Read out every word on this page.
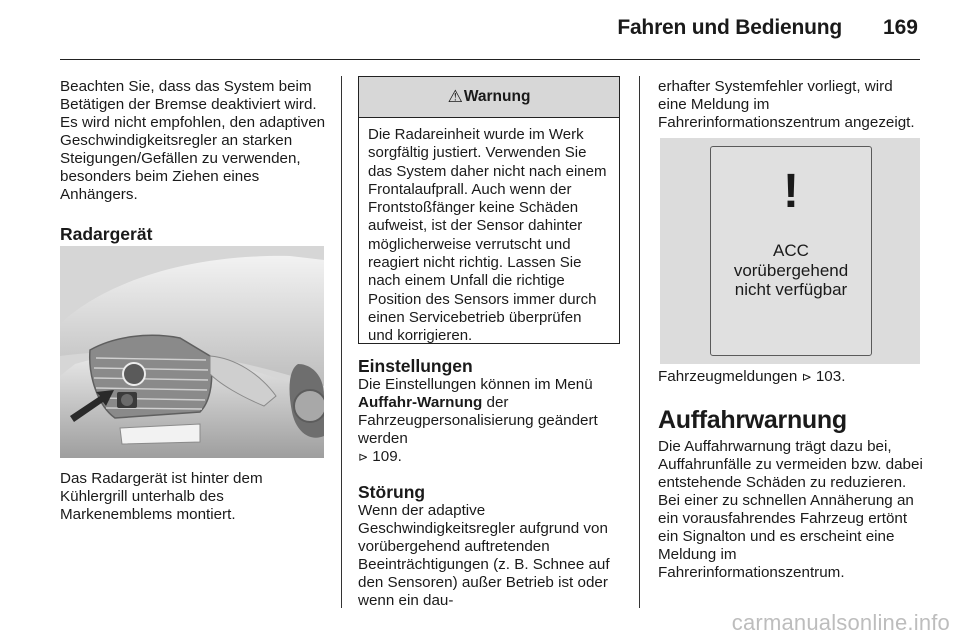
Fahren und Bedienung 169

Beachten Sie, dass das System beim Betätigen der Bremse deaktiviert wird. Es wird nicht empfohlen, den adaptiven Geschwindigkeitsregler an starken Steigungen/Gefällen zu verwenden, besonders beim Ziehen eines Anhängers.

Radargerät

Das Radargerät ist hinter dem Kühlergrill unterhalb des Markenemblems montiert.

⚠ Warnung
Die Radareinheit wurde im Werk sorgfältig justiert. Verwenden Sie das System daher nicht nach einem Frontalaufprall. Auch wenn der Frontstoßfänger keine Schäden aufweist, ist der Sensor dahinter möglicherweise verrutscht und reagiert nicht richtig. Lassen Sie nach einem Unfall die richtige Position des Sensors immer durch einen Servicebetrieb überprüfen und korrigieren.

Einstellungen

Die Einstellungen können im Menü Auffahr-Warnung der Fahrzeugpersonalisierung geändert werden
⊳ 109.

Störung

Wenn der adaptive Geschwindigkeitsregler aufgrund von vorübergehend auftretenden Beeinträchtigungen (z. B. Schnee auf den Sensoren) außer Betrieb ist oder wenn ein dau-

erhafter Systemfehler vorliegt, wird eine Meldung im Fahrerinformationszentrum angezeigt.

!
ACC
vorübergehend
nicht verfügbar

Fahrzeugmeldungen ⊳ 103.

Auffahrwarnung

Die Auffahrwarnung trägt dazu bei, Auffahrunfälle zu vermeiden bzw. dabei entstehende Schäden zu reduzieren. Bei einer zu schnellen Annäherung an ein vorausfahrendes Fahrzeug ertönt ein Signalton und es erscheint eine Meldung im Fahrerinformationszentrum.

carmanualsonline.info
